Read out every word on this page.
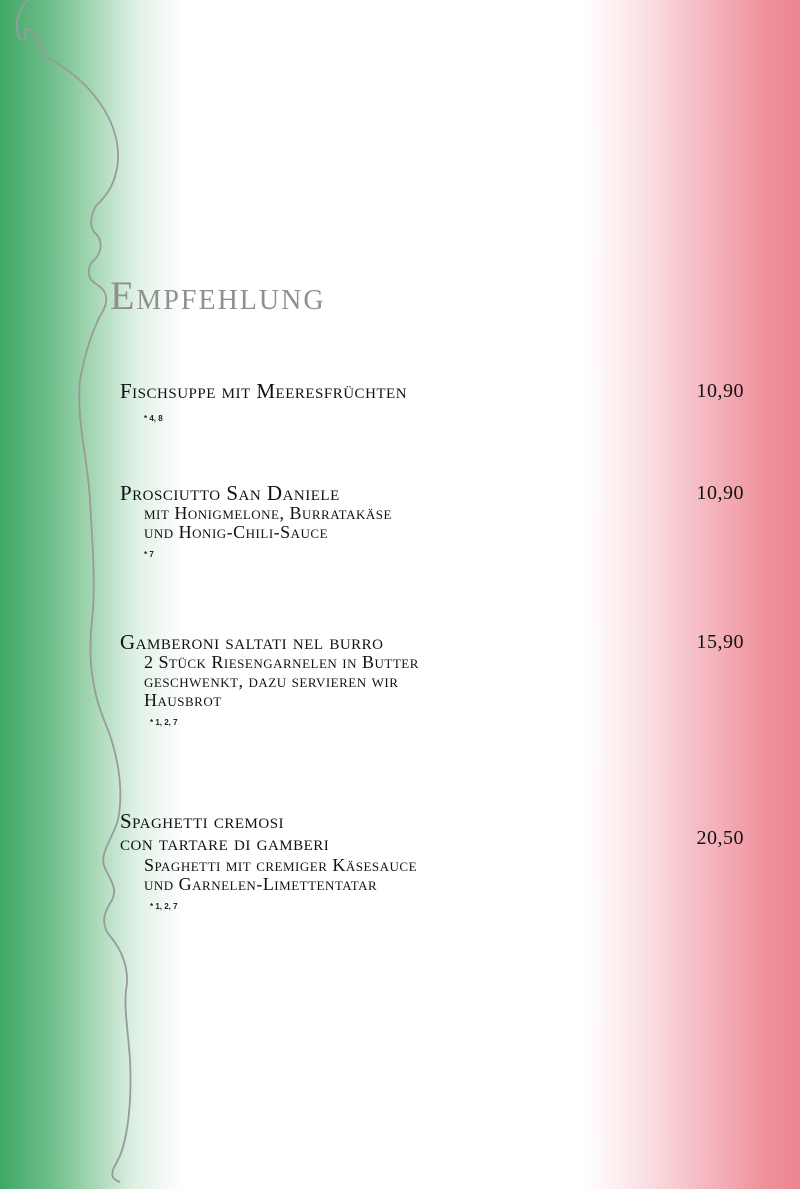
Empfehlung
10,90
Fischsuppe mit Meeresfrüchten
* 4, 8
10,90
Prosciutto San Daniele
mit Honigmelone, Burratakäse
und Honig-Chili-Sauce
* 7
15,90
Gamberoni saltati nel burro
2 Stück Riesengarnelen in Butter
geschwenkt, dazu servieren wir
Hausbrot
* 1, 2, 7
20,50
Spaghetti cremosi
con tartare di gamberi
Spaghetti mit cremiger Käsesauce
und Garnelen-Limettentatar
* 1, 2, 7
